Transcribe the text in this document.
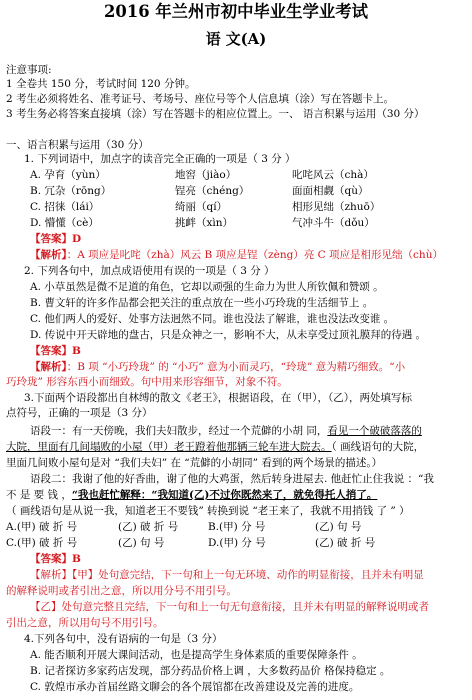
2016 年兰州市初中毕业生学业考试
语 文(A)
注意事项:
1 全卷共 150 分，考试时间 120 分钟。
2 考生必须将姓名、准考证号、考场号、座位号等个人信息填（涂）写在答题卡上。
3 考生务必将答案直接填（涂）写在答题卡的相应位置上。一、 语言积累与运用（30 分）
一、语言积累与运用（30 分）
1. 下列词语中，加点字的读音完全正确的一项是（ 3 分 ）
A. 孕育（yùn）	地窖（jiào）	叱咤风云（chà）
B. 冗杂（rōng）	锃亮（chéng）	面面相觑（qù）
C. 招徕（lái）	绮丽（qí）	相形见绌（zhuō）
D. 懵懂（cè）	挑衅（xìn）	气冲斗牛（dǒu）
【答案】D
【解析】：A 项应是叱咤（zhà）风云 B 项应是锃（zèng）亮 C 项应是相形见绌（chù）
2. 下列各句中，加点成语使用有误的一项是（ 3 分 ）
A. 小草虽然是微不足道的角色，它却以顽强的生命力为世人所钦佩和赞颂 。
B. 曹文轩的许多作品都会把关注的重点放在一些小巧玲珑的生活细节上 。
C. 他们两人的爱好、处事方法迥然不同。谁也没法了解谁，谁也没法改变谁 。
D. 传说中开天辟地的盘古，只是众神之一，影响不大，从未享受过顶礼膜拜的待遇 。
【答案】B
【解析】：B 项 “小巧玲珑” 的 “小巧” 意为小而灵巧，“玲珑” 意为精巧细致。“小
巧玲珑” 形容东西小而细致。句中用来形容细节，对象不符。
3.下面两个语段都出自林缚的散文《老王》，根据语段，在（甲），（乙），两处填写标
点符号，正确的一项是（3 分）
语段一：有一天傍晚，我们夫妇散步，经过一个荒僻的小胡 同，看见一个破破落落的
大院，里面有几间塌败的小屋（甲）老王蹬着他那辆三轮车进大院去。（ 画线语句的大院，
里面几间败小屋句是对 “我们夫妇” 在 “荒僻的小胡同” 看到的两个场景的描述。）
语段二：我谢了他的好香曲，谢了他的大鸡蛋，然后转身进屋去. 他赶忙止住我说 ：“我
不 是 要 钱 ，“我也赶忙解释：“我知道(乙)不过你既然来了，就免得托人捎了。
（ 画线语句是从说一我，知道老王不要钱” 转换到说 “老王来了，我就不用捎钱 了 ” ）
A.(甲) 破 折 号	(乙) 破 折 号	B.(甲) 分 号	(乙) 句 号
C.(甲) 破 折 号	(乙) 句 号	D.(甲) 分 号	(乙) 破 折 号
【答案】B
【解析】【甲】处句意完结，下一句和上一句无环境、动作的明显衔接，且并未有明显
的解释说明或者引出之意，所以用分号不用引号。
【乙】处句意完整且完结，下一句和上一句无句意衔接，且并未有明显的解释说明或者
引出之意，所以用句号不用引号。
4.下列各句中，没有语病的一句是（3 分）
A. 能否顺利开展大课间活动，也是提高学生身体素质的重要保障条件 。
B. 记者探访多家药店发现，部分药品价格上调 ，大多数药品价 格保持稳定 。
C. 敦煌市承办首届丝路文聊会的各个展馆都在改善建设及完善的进度。
